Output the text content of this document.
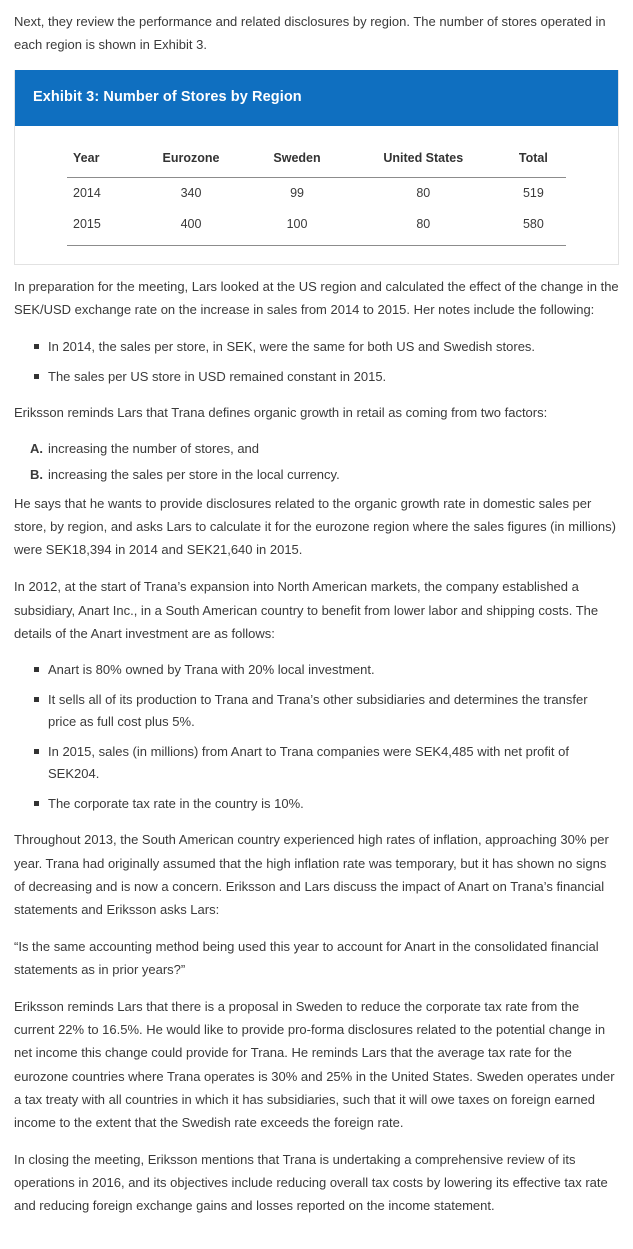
Next, they review the performance and related disclosures by region. The number of stores operated in each region is shown in Exhibit 3.

Exhibit 3: Number of Stores by Region
Year	Eurozone	Sweden	United States	Total
2014	340	99	80	519
2015	400	100	80	580

In preparation for the meeting, Lars looked at the US region and calculated the effect of the change in the SEK/USD exchange rate on the increase in sales from 2014 to 2015. Her notes include the following:

In 2014, the sales per store, in SEK, were the same for both US and Swedish stores.
The sales per US store in USD remained constant in 2015.

Eriksson reminds Lars that Trana defines organic growth in retail as coming from two factors:

A. increasing the number of stores, and
B. increasing the sales per store in the local currency.

He says that he wants to provide disclosures related to the organic growth rate in domestic sales per store, by region, and asks Lars to calculate it for the eurozone region where the sales figures (in millions) were SEK18,394 in 2014 and SEK21,640 in 2015.

In 2012, at the start of Trana’s expansion into North American markets, the company established a subsidiary, Anart Inc., in a South American country to benefit from lower labor and shipping costs. The details of the Anart investment are as follows:

Anart is 80% owned by Trana with 20% local investment.
It sells all of its production to Trana and Trana’s other subsidiaries and determines the transfer price as full cost plus 5%.
In 2015, sales (in millions) from Anart to Trana companies were SEK4,485 with net profit of SEK204.
The corporate tax rate in the country is 10%.

Throughout 2013, the South American country experienced high rates of inflation, approaching 30% per year. Trana had originally assumed that the high inflation rate was temporary, but it has shown no signs of decreasing and is now a concern. Eriksson and Lars discuss the impact of Anart on Trana’s financial statements and Eriksson asks Lars:

“Is the same accounting method being used this year to account for Anart in the consolidated financial statements as in prior years?”

Eriksson reminds Lars that there is a proposal in Sweden to reduce the corporate tax rate from the current 22% to 16.5%. He would like to provide pro-forma disclosures related to the potential change in net income this change could provide for Trana. He reminds Lars that the average tax rate for the eurozone countries where Trana operates is 30% and 25% in the United States. Sweden operates under a tax treaty with all countries in which it has subsidiaries, such that it will owe taxes on foreign earned income to the extent that the Swedish rate exceeds the foreign rate.

In closing the meeting, Eriksson mentions that Trana is undertaking a comprehensive review of its operations in 2016, and its objectives include reducing overall tax costs by lowering its effective tax rate and reducing foreign exchange gains and losses reported on the income statement.
